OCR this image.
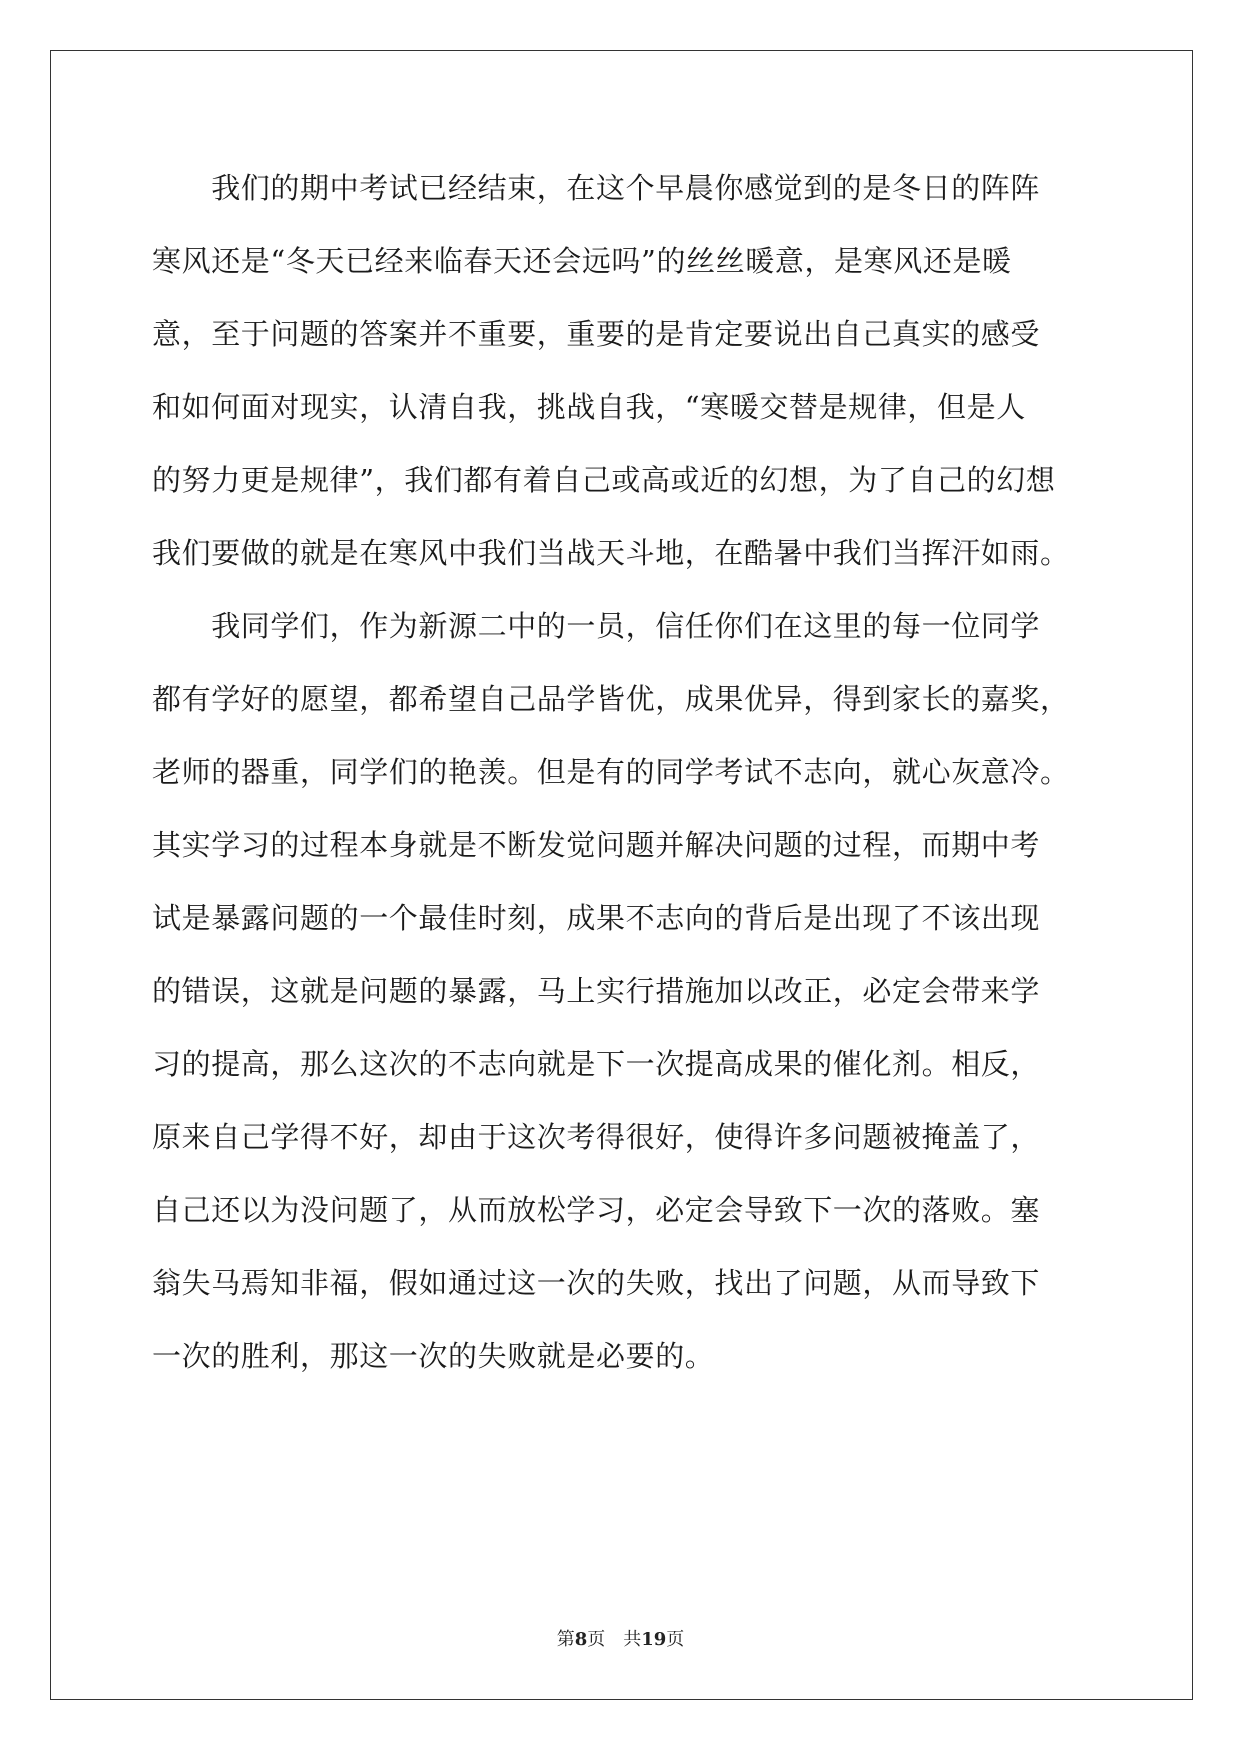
　　我们的期中考试已经结束，在这个早晨你感觉到的是冬日的阵阵
寒风还是“冬天已经来临春天还会远吗”的丝丝暖意，是寒风还是暖
意，至于问题的答案并不重要，重要的是肯定要说出自己真实的感受
和如何面对现实，认清自我，挑战自我，“寒暖交替是规律，但是人
的努力更是规律”，我们都有着自己或高或近的幻想，为了自己的幻想
我们要做的就是在寒风中我们当战天斗地，在酷暑中我们当挥汗如雨。
　　我同学们，作为新源二中的一员，信任你们在这里的每一位同学
都有学好的愿望，都希望自己品学皆优，成果优异，得到家长的嘉奖，
老师的器重，同学们的艳羡。但是有的同学考试不志向，就心灰意冷。
其实学习的过程本身就是不断发觉问题并解决问题的过程，而期中考
试是暴露问题的一个最佳时刻，成果不志向的背后是出现了不该出现
的错误，这就是问题的暴露，马上实行措施加以改正，必定会带来学
习的提高，那么这次的不志向就是下一次提高成果的催化剂。相反，
原来自己学得不好，却由于这次考得很好，使得许多问题被掩盖了，
自己还以为没问题了，从而放松学习，必定会导致下一次的落败。塞
翁失马焉知非福，假如通过这一次的失败，找出了问题，从而导致下
一次的胜利，那这一次的失败就是必要的。
第8页　 共19页
